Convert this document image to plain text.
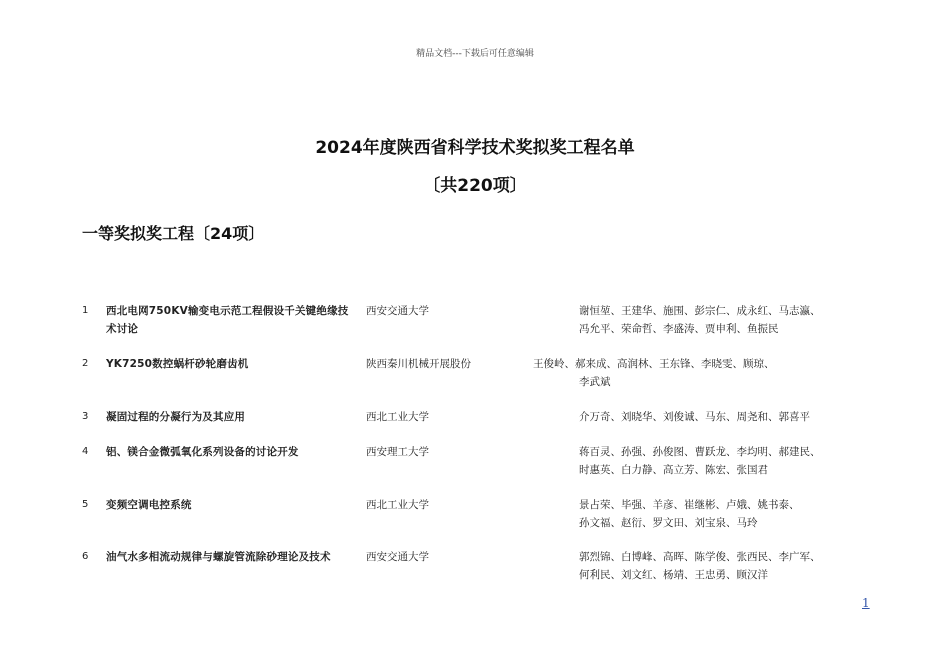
精品文档---下载后可任意编辑
2024年度陕西省科学技术奖拟奖工程名单
〔共220项〕
一等奖拟奖工程〔24项〕
1 西北电网750KV输变电示范工程假设千关键绝缘技术讨论
西安交通大学	谢恒堃、王建华、施围、彭宗仁、成永红、马志瀛、
冯允平、荣命哲、李盛涛、贾申利、鱼振民
2 YK7250数控蜗杆砂轮磨齿机	陕西秦川机械开展股份	王俊岭、郝来成、高润林、王东锋、李晓雯、顾琼、
李武斌
3 凝固过程的分凝行为及其应用	西北工业大学	介万奇、刘晓华、刘俊诚、马东、周尧和、郭喜平
4 铝、镁合金微弧氧化系列设备的讨论开发	西安理工大学	蒋百灵、孙强、孙俊图、曹跃龙、李均明、郝建民、
时惠英、白力静、高立芳、陈宏、张国君
5 变频空调电控系统	西北工业大学	景占荣、毕强、羊彦、崔继彬、卢娥、姚书泰、
孙文福、赵衍、罗文田、刘宝泉、马玲
6 油气水多相流动规律与螺旋管流除砂理论及技术	西安交通大学	郭烈锦、白博峰、高晖、陈学俊、张西民、李广军、
何利民、刘文红、杨靖、王忠勇、顾汉洋
1
